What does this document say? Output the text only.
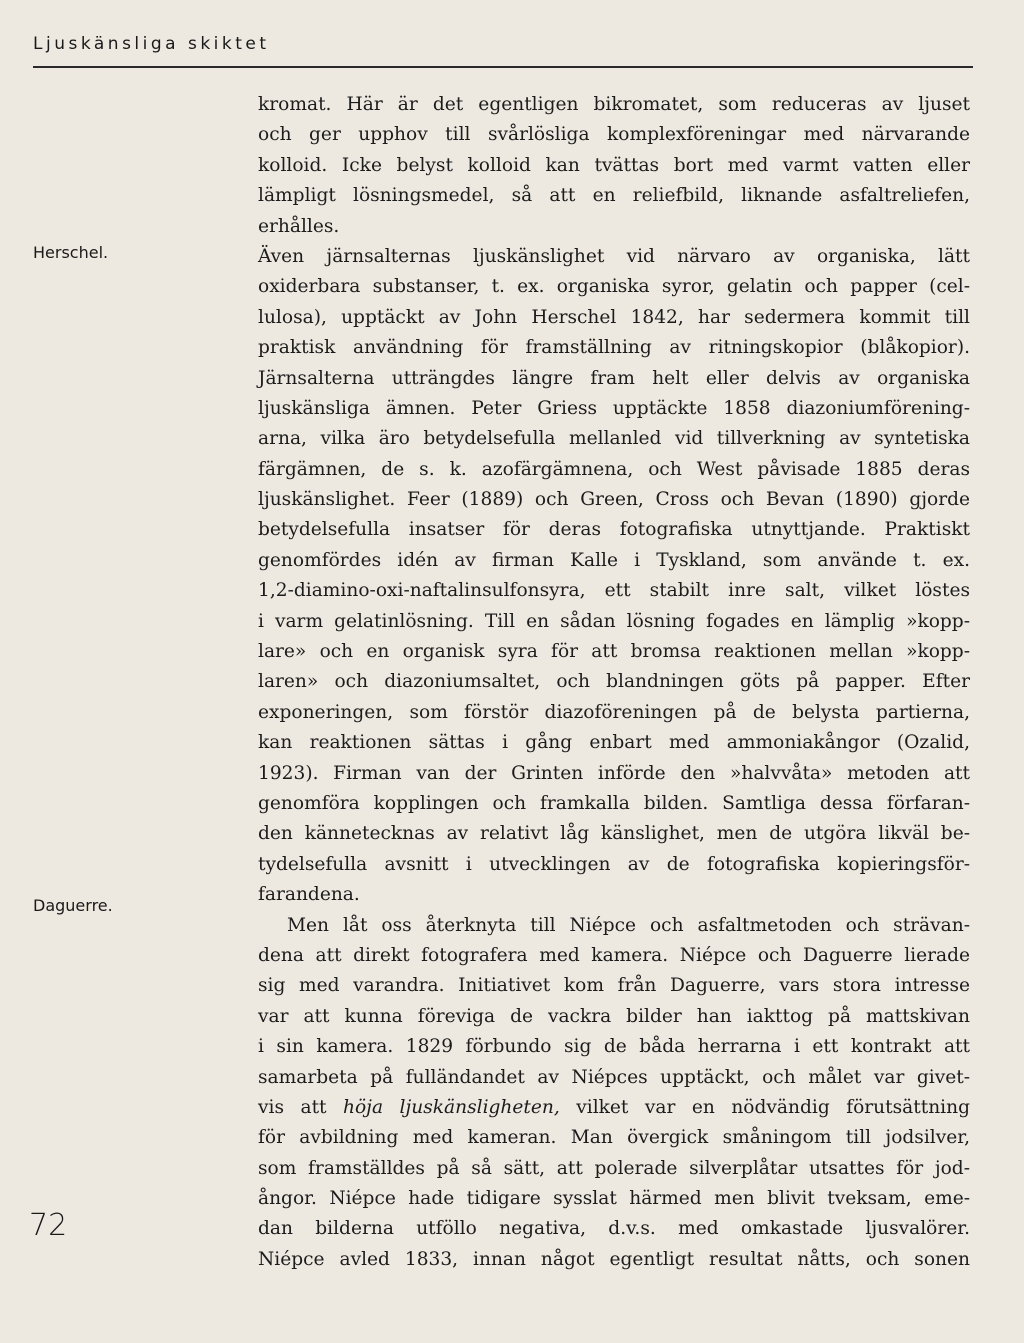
Ljuskänsliga skiktet
Herschel.
Daguerre.
72
kromat. Här är det egentligen bikromatet, som reduceras av ljuset
och ger upphov till svårlösliga komplexföreningar med närvarande
kolloid. Icke belyst kolloid kan tvättas bort med varmt vatten eller
lämpligt lösningsmedel, så att en reliefbild, liknande asfaltreliefen,
erhålles.
Även järnsalternas ljuskänslighet vid närvaro av organiska, lätt
oxiderbara substanser, t. ex. organiska syror, gelatin och papper (cel-
lulosa), upptäckt av John Herschel 1842, har sedermera kommit till
praktisk användning för framställning av ritningskopior (blåkopior).
Järnsalterna utträngdes längre fram helt eller delvis av organiska
ljuskänsliga ämnen. Peter Griess upptäckte 1858 diazoniumförening-
arna, vilka äro betydelsefulla mellanled vid tillverkning av syntetiska
färgämnen, de s. k. azofärgämnena, och West påvisade 1885 deras
ljuskänslighet. Feer (1889) och Green, Cross och Bevan (1890) gjorde
betydelsefulla insatser för deras fotografiska utnyttjande. Praktiskt
genomfördes idén av firman Kalle i Tyskland, som använde t. ex.
1,2-diamino-oxi-naftalinsulfonsyra, ett stabilt inre salt, vilket löstes
i varm gelatinlösning. Till en sådan lösning fogades en lämplig »kopp-
lare» och en organisk syra för att bromsa reaktionen mellan »kopp-
laren» och diazoniumsaltet, och blandningen göts på papper. Efter
exponeringen, som förstör diazoföreningen på de belysta partierna,
kan reaktionen sättas i gång enbart med ammoniakångor (Ozalid,
1923). Firman van der Grinten införde den »halvvåta» metoden att
genomföra kopplingen och framkalla bilden. Samtliga dessa förfaran-
den kännetecknas av relativt låg känslighet, men de utgöra likväl be-
tydelsefulla avsnitt i utvecklingen av de fotografiska kopieringsför-
farandena.
Men låt oss återknyta till Niépce och asfaltmetoden och strävan-
dena att direkt fotografera med kamera. Niépce och Daguerre lierade
sig med varandra. Initiativet kom från Daguerre, vars stora intresse
var att kunna föreviga de vackra bilder han iakttog på mattskivan
i sin kamera. 1829 förbundo sig de båda herrarna i ett kontrakt att
samarbeta på fulländandet av Niépces upptäckt, och målet var givet-
vis att höja ljuskänsligheten, vilket var en nödvändig förutsättning
för avbildning med kameran. Man övergick småningom till jodsilver,
som framställdes på så sätt, att polerade silverplåtar utsattes för jod-
ångor. Niépce hade tidigare sysslat härmed men blivit tveksam, eme-
dan bilderna utföllo negativa, d.v.s. med omkastade ljusvalörer.
Niépce avled 1833, innan något egentligt resultat nåtts, och sonen
